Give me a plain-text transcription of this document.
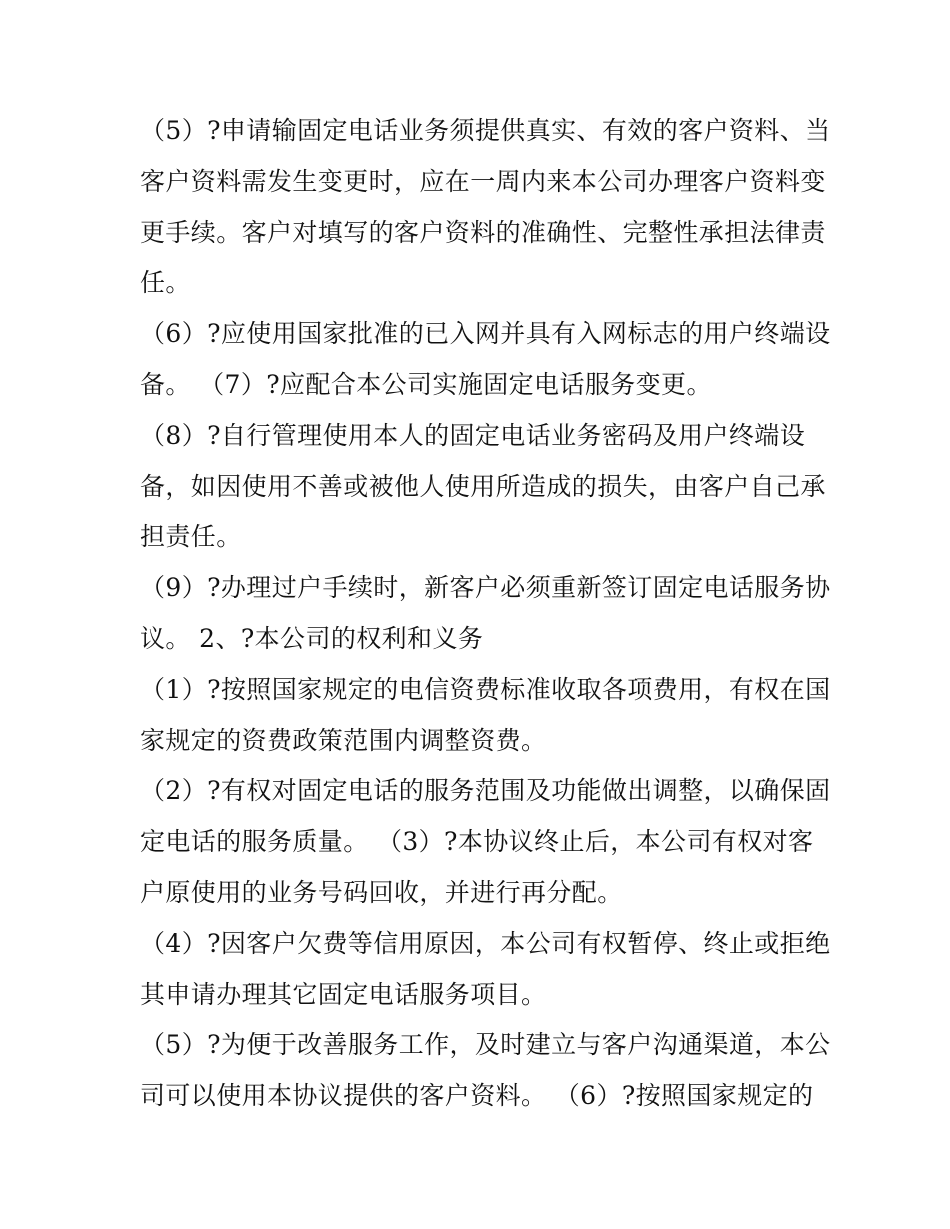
（5）?申请输固定电话业务须提供真实、有效的客户资料、当
客户资料需发生变更时，应在一周内来本公司办理客户资料变
更手续。客户对填写的客户资料的准确性、完整性承担法律责
任。
（6）?应使用国家批准的已入网并具有入网标志的用户终端设
备。 （7）?应配合本公司实施固定电话服务变更。
（8）?自行管理使用本人的固定电话业务密码及用户终端设
备，如因使用不善或被他人使用所造成的损失，由客户自己承
担责任。
（9）?办理过户手续时，新客户必须重新签订固定电话服务协
议。 2、?本公司的权利和义务
（1）?按照国家规定的电信资费标准收取各项费用，有权在国
家规定的资费政策范围内调整资费。
（2）?有权对固定电话的服务范围及功能做出调整，以确保固
定电话的服务质量。 （3）?本协议终止后，本公司有权对客
户原使用的业务号码回收，并进行再分配。
（4）?因客户欠费等信用原因，本公司有权暂停、终止或拒绝
其申请办理其它固定电话服务项目。
（5）?为便于改善服务工作，及时建立与客户沟通渠道，本公
司可以使用本协议提供的客户资料。 （6）?按照国家规定的
